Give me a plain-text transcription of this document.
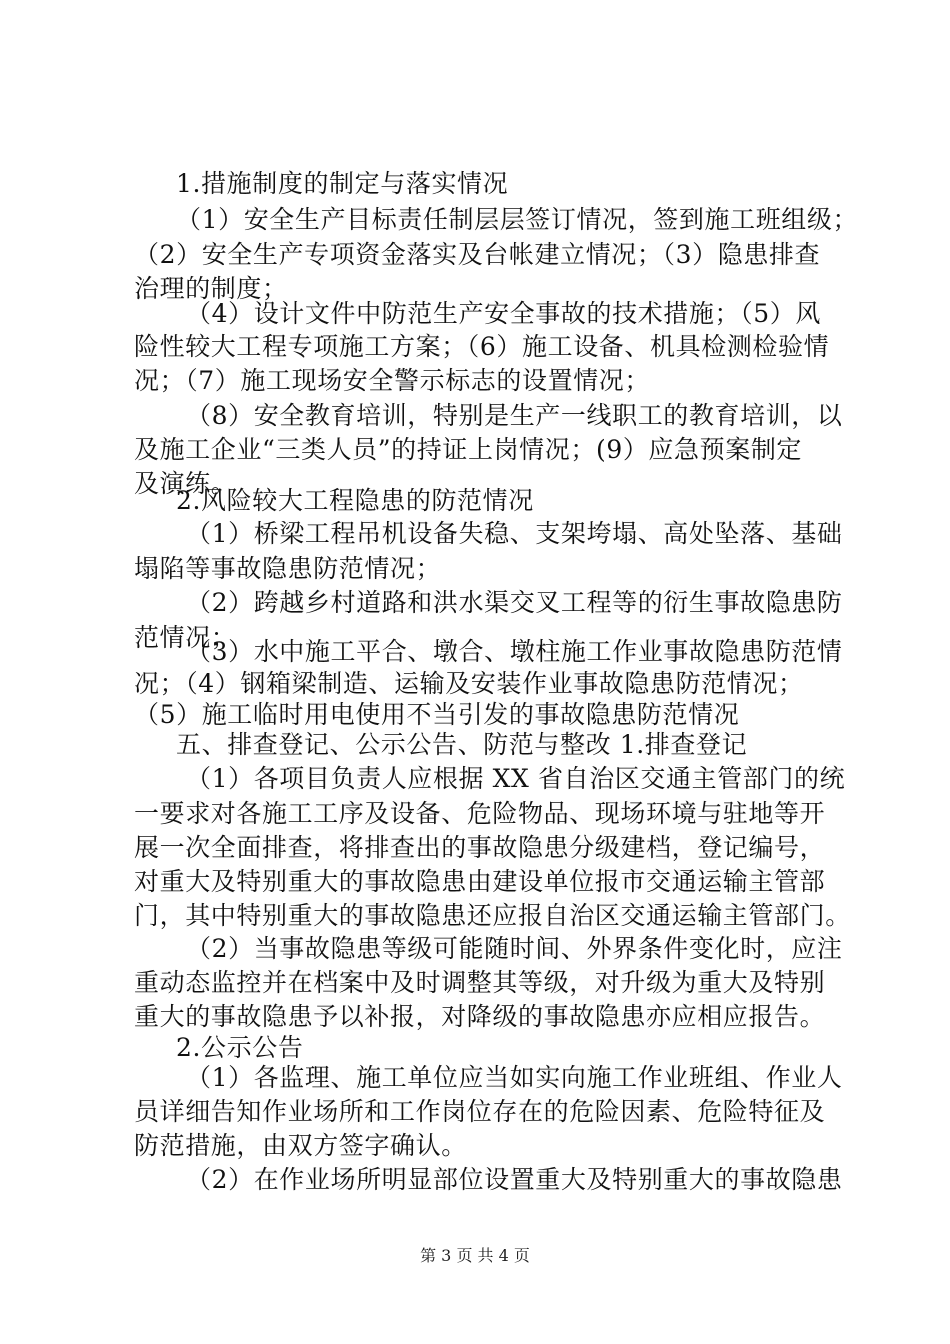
1.措施制度的制定与落实情况
（1）安全生产目标责任制层层签订情况，签到施工班组级；
（2）安全生产专项资金落实及台帐建立情况；（3）隐患排查
治理的制度；
（4）设计文件中防范生产安全事故的技术措施；（5）风
险性较大工程专项施工方案；（6）施工设备、机具检测检验情
况；（7）施工现场安全警示标志的设置情况；
（8）安全教育培训，特别是生产一线职工的教育培训，以
及施工企业“三类人员”的持证上岗情况；(9）应急预案制定
及演练。
2.风险较大工程隐患的防范情况
（1）桥梁工程吊机设备失稳、支架垮塌、高处坠落、基础
塌陷等事故隐患防范情况；
（2）跨越乡村道路和洪水渠交叉工程等的衍生事故隐患防
范情况；
（3）水中施工平合、墩合、墩柱施工作业事故隐患防范情
况；（4）钢箱梁制造、运输及安装作业事故隐患防范情况；
（5）施工临时用电使用不当引发的事故隐患防范情况
五、排查登记、公示公告、防范与整改 1.排查登记
（1）各项目负责人应根据 XX 省自治区交通主管部门的统
一要求对各施工工序及设备、危险物品、现场环境与驻地等开
展一次全面排查，将排查出的事故隐患分级建档，登记编号，
对重大及特别重大的事故隐患由建设单位报市交通运输主管部
门，其中特别重大的事故隐患还应报自治区交通运输主管部门。
（2）当事故隐患等级可能随时间、外界条件变化时，应注
重动态监控并在档案中及时调整其等级，对升级为重大及特别
重大的事故隐患予以补报，对降级的事故隐患亦应相应报告。
2.公示公告
（1）各监理、施工单位应当如实向施工作业班组、作业人
员详细告知作业场所和工作岗位存在的危险因素、危险特征及
防范措施，由双方签字确认。
（2）在作业场所明显部位设置重大及特别重大的事故隐患
第 3 页 共 4 页
